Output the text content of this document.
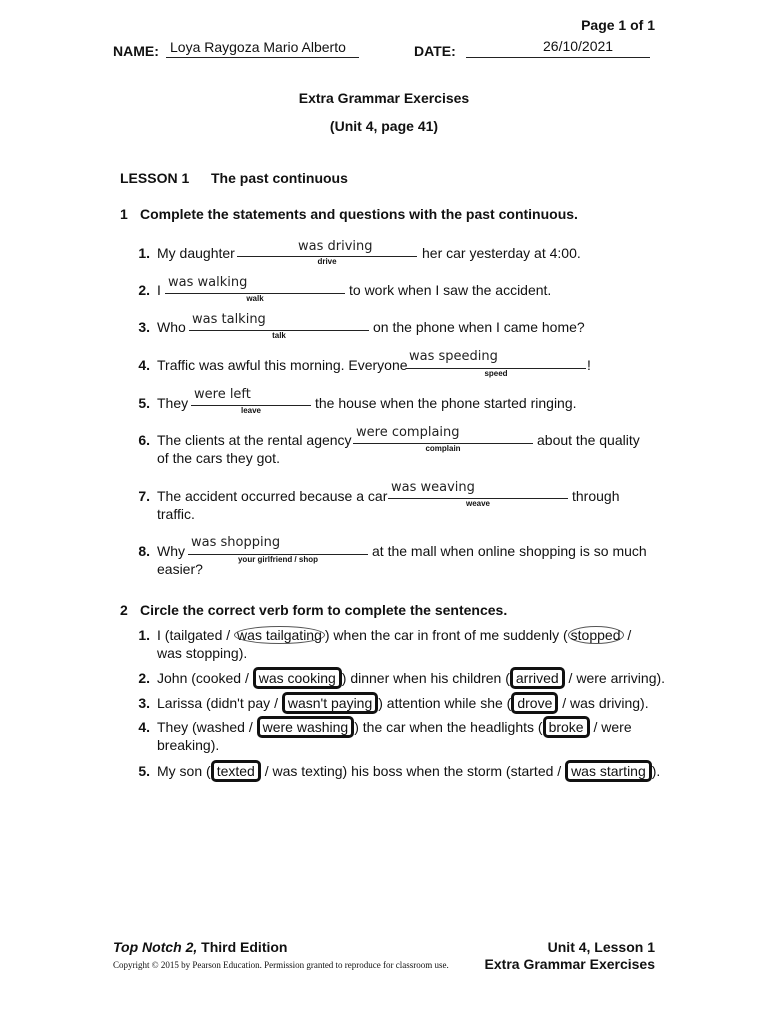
Page 1 of 1
NAME: Loya Raygoza Mario Alberto	DATE:	26/10/2021
Extra Grammar Exercises
(Unit 4, page 41)
LESSON 1 The past continuous
1 Complete the statements and questions with the past continuous.
1. My daughter	was driving
drive
her car yesterday at 4:00.
2. I was walking
walk
to work when I saw the accident.
3. Who was talking
talk
on the phone when I came home?
4. Traffic was awful this morning. Everyone
was speeding
speed
!
5. They
were left
leave	the house when the phone started ringing.
6. The clients at the rental agency were complaing
complain
about the quality
of the cars they got.
7. The accident occurred because a car
was weaving
weave	through
traffic.
8. Why
was shopping
your girlfriend / shop
at the mall when online shopping is so much
easier?
2 Circle the correct verb form to complete the sentences.
1. I (tailgated / was tailgating ) when the car in front of me suddenly ( stopped /
was stopping).
2. John (cooked / was cooking ) dinner when his children ( arrived / were arriving).
3. Larissa (didn't pay / wasn't paying ) attention while she ( drove / was driving).
4. They (washed / were washing ) the car when the headlights ( broke / were
breaking).
5. My son ( texted / was texting) his boss when the storm (started / was starting ).
Top Notch 2, Third Edition
Copyright © 2015 by Pearson Education. Permission granted to reproduce for classroom use.
Unit 4, Lesson 1
Extra Grammar Exercises
